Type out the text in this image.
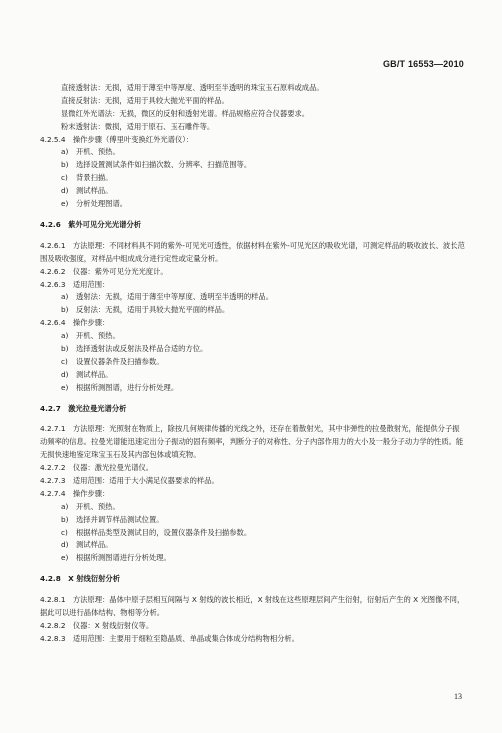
GB/T 16553—2010
直接透射法：无损，适用于薄至中等厚度、透明至半透明的珠宝玉石原料或成品。
直接反射法：无损，适用于具较大抛光平面的样品。
显微红外光谱法：无损，微区的反射和透射光谱。样品规格应符合仪器要求。
粉末透射法：微损，适用于原石、玉石雕件等。
4.2.5.4　操作步骤（傅里叶变换红外光谱仪）：
a) 开机、预热。
b) 选择设置测试条件如扫描次数、分辨率、扫描范围等。
c) 背景扫描。
d) 测试样品。
e) 分析处理图谱。
4.2.6　紫外可见分光光谱分析
4.2.6.1　方法原理：不同材料具不同的紫外-可见光可透性，依据材料在紫外-可见光区的吸收光谱，可测定样品的吸收波长、波长范围及吸收强度，对样品中组成成分进行定性或定量分析。
4.2.6.2　仪器：紫外可见分光光度计。
4.2.6.3　适用范围：
a) 透射法：无损，适用于薄至中等厚度、透明至半透明的样品。
b) 反射法：无损，适用于具较大抛光平面的样品。
4.2.6.4　操作步骤：
a) 开机、预热。
b) 选择透射法或反射法及样品合适的方位。
c) 设置仪器条件及扫描参数。
d) 测试样品。
e) 根据所测图谱，进行分析处理。
4.2.7　激光拉曼光谱分析
4.2.7.1　方法原理：光照射在物质上，除按几何规律传播的光线之外，还存在着散射光，其中非弹性的拉曼散射光，能提供分子振动频率的信息。拉曼光谱能迅速定出分子振动的固有频率，判断分子的对称性、分子内部作用力的大小及一般分子动力学的性质。能无损快速地鉴定珠宝玉石及其内部包体或填充物。
4.2.7.2　仪器：激光拉曼光谱仪。
4.2.7.3　适用范围：适用于大小满足仪器要求的样品。
4.2.7.4　操作步骤：
a) 开机、预热。
b) 选择并调节样品测试位置。
c) 根据样品类型及测试目的，设置仪器条件及扫描参数。
d) 测试样品。
e) 根据所测图谱进行分析处理。
4.2.8　X 射线衍射分析
4.2.8.1　方法原理：晶体中原子层相互间隔与 X 射线的波长相近，X 射线在这些原理层间产生衍射，衍射后产生的 X 光图像不同，据此可以进行晶体结构、物相等分析。
4.2.8.2　仪器：X 射线衍射仪等。
4.2.8.3　适用范围：主要用于细粒至隐晶质、单晶或集合体成分结构物相分析。
13
